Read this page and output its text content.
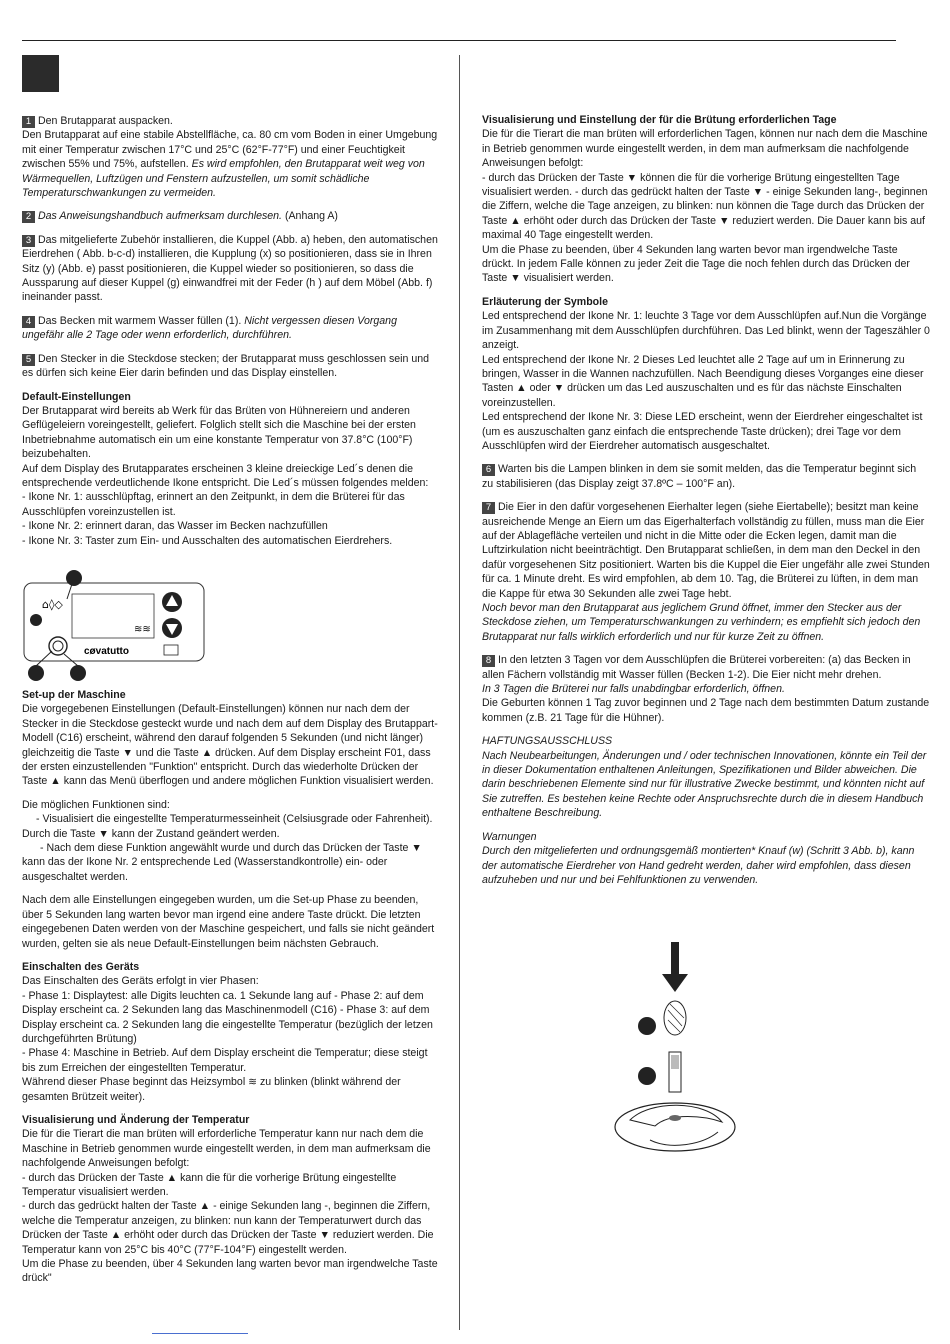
1 Den Brutapparat auspacken.
Den Brutapparat auf eine stabile Abstellfläche, ca. 80 cm vom Boden in einer Umgebung mit einer Temperatur zwischen 17°C und 25°C (62°F-77°F) und einer Feuchtigkeit zwischen 55% und 75%, aufstellen. Es wird empfohlen, den Brutapparat weit weg von Wärmequellen, Luftzügen und Fenstern aufzustellen, um somit schädliche Temperaturschwankungen zu vermeiden.

2 Das Anweisungshandbuch aufmerksam durchlesen. (Anhang A)

3 Das mitgelieferte Zubehör installieren, die Kuppel (Abb. a) heben, den automatischen Eierdrehen ( Abb. b-c-d) installieren, die Kupplung (x) so positionieren, dass sie in Ihren Sitz (y) (Abb. e) passt positionieren, die Kuppel wieder so positionieren, so dass die Aussparung auf dieser Kuppel (g) einwandfrei mit der Feder (h ) auf dem Möbel (Abb. f) ineinander passt.

4 Das Becken mit warmem Wasser füllen (1). Nicht vergessen diesen Vorgang ungefähr alle 2 Tage oder wenn erforderlich, durchführen.

5 Den Stecker in die Steckdose stecken; der Brutapparat muss geschlossen sein und es dürfen sich keine Eier darin befinden und das Display einstellen.

Default-Einstellungen
Der Brutapparat wird bereits ab Werk für das Brüten von Hühnereiern und anderen Geflügeleiern voreingestellt, geliefert. Folglich stellt sich die Maschine bei der ersten Inbetriebnahme automatisch ein um eine konstante Temperatur von 37.8°C (100°F) beizubehalten.
Auf dem Display des Brutapparates erscheinen 3 kleine dreieckige Led´s denen die entsprechende verdeutlichende Ikone entspricht. Die Led´s müssen folgendes melden:
- Ikone Nr. 1: ausschlüpftag, erinnert an den Zeitpunkt, in dem die Brüterei für das Ausschlüpfen voreinzustellen ist.
- Ikone Nr. 2: erinnert daran, das Wasser im Becken nachzufüllen
- Ikone Nr. 3: Taster zum Ein- und Ausschalten des automatischen Eierdrehers.

⌂◊◇
≋≋
cøvatutto

Set-up der Maschine
Die vorgegebenen Einstellungen (Default-Einstellungen) können nur nach dem der Stecker in die Steckdose gesteckt wurde und nach dem auf dem Display des Brutappart-Modell (C16) erscheint, während den darauf folgenden 5 Sekunden (und nicht länger) gleichzeitig die Taste ▼ und die Taste ▲ drücken. Auf dem Display erscheint F01, dass der ersten einzustellenden "Funktion" entspricht. Durch das wiederholte Drücken der Taste ▲ kann das Menü überflogen und andere möglichen Funktion visualisiert werden.

Die möglichen Funktionen sind:
- Visualisiert die eingestellte Temperaturmesseinheit (Celsiusgrade oder Fahrenheit). Durch die Taste ▼ kann der Zustand geändert werden.
- Nach dem diese Funktion angewählt wurde und durch das Drücken der Taste ▼ kann das der Ikone Nr. 2 entsprechende Led (Wasserstandkontrolle) ein- oder ausgeschaltet werden.

Nach dem alle Einstellungen eingegeben wurden, um die Set-up Phase zu beenden, über 5 Sekunden lang warten bevor man irgend eine andere Taste drückt. Die letzten eingegebenen Daten werden von der Maschine gespeichert, und falls sie nicht geändert wurden, gelten sie als neue Default-Einstellungen beim nächsten Gebrauch.

Einschalten des Geräts
Das Einschalten des Geräts erfolgt in vier Phasen:
- Phase 1: Displaytest: alle Digits leuchten ca. 1 Sekunde lang auf - Phase 2: auf dem Display erscheint ca. 2 Sekunden lang das Maschinenmodell (C16) - Phase 3: auf dem Display erscheint ca. 2 Sekunden lang die eingestellte Temperatur (bezüglich der letzen durchgeführten Brütung)
- Phase 4: Maschine in Betrieb. Auf dem Display erscheint die Temperatur; diese steigt bis zum Erreichen der eingestellten Temperatur.
Während dieser Phase beginnt das Heizsymbol ≋ zu blinken (blinkt während der gesamten Brützeit weiter).

Visualisierung und Änderung der Temperatur
Die für die Tierart die man brüten will erforderliche Temperatur kann nur nach dem die Maschine in Betrieb genommen wurde eingestellt werden, in dem man aufmerksam die nachfolgende Anweisungen befolgt:
- durch das Drücken der Taste ▲ kann die für die vorherige Brütung eingestellte Temperatur visualisiert werden.
- durch das gedrückt halten der Taste ▲ - einige Sekunden lang -, beginnen die Ziffern, welche die Temperatur anzeigen, zu blinken: nun kann der Temperaturwert durch das Drücken der Taste ▲ erhöht oder durch das Drücken der Taste ▼ reduziert werden. Die Temperatur kann von 25°C bis 40°C (77°F-104°F) eingestellt werden.
Um die Phase zu beenden, über 4 Sekunden lang warten bevor man irgendwelche Taste drück"

Visualisierung und Einstellung der für die Brütung erforderlichen Tage
Die für die Tierart die man brüten will erforderlichen Tagen, können nur nach dem die Maschine in Betrieb genommen wurde eingestellt werden, in dem man aufmerksam die nachfolgende Anweisungen befolgt:
- durch das Drücken der Taste ▼ können die für die vorherige Brütung eingestellten Tage visualisiert werden. - durch das gedrückt halten der Taste ▼ - einige Sekunden lang-, beginnen die Ziffern, welche die Tage anzeigen, zu blinken: nun können die Tage durch das Drücken der Taste ▲ erhöht oder durch das Drücken der Taste ▼ reduziert werden. Die Dauer kann bis auf maximal 40 Tage eingestellt werden.
Um die Phase zu beenden, über 4 Sekunden lang warten bevor man irgendwelche Taste drückt. In jedem Falle können zu jeder Zeit die Tage die noch fehlen durch das Drücken der Taste ▼ visualisiert werden.

Erläuterung der Symbole
Led entsprechend der Ikone Nr. 1: leuchte 3 Tage vor dem Ausschlüpfen auf.Nun die Vorgänge im Zusammenhang mit dem Ausschlüpfen durchführen. Das Led blinkt, wenn der Tageszähler 0 anzeigt.
Led entsprechend der Ikone Nr. 2 Dieses Led leuchtet alle 2 Tage auf um in Erinnerung zu bringen, Wasser in die Wannen nachzufüllen. Nach Beendigung dieses Vorganges eine dieser Tasten ▲ oder ▼ drücken um das Led auszuschalten und es für das nächste Einschalten voreinzustellen.
Led entsprechend der Ikone Nr. 3: Diese LED erscheint, wenn der Eierdreher eingeschaltet ist (um es auszuschalten ganz einfach die entsprechende Taste drücken); drei Tage vor dem Ausschlüpfen wird der Eierdreher automatisch ausgeschaltet.

6 Warten bis die Lampen blinken in dem sie somit melden, das die Temperatur beginnt sich zu stabilisieren (das Display zeigt 37.8ºC – 100°F an).

7 Die Eier in den dafür vorgesehenen Eierhalter legen (siehe Eiertabelle); besitzt man keine ausreichende Menge an Eiern um das Eigerhalterfach vollständig zu füllen, muss man die Eier auf der Ablagefläche verteilen und nicht in die Mitte oder die Ecken legen, damit man die Luftzirkulation nicht beeinträchtigt. Den Brutapparat schließen, in dem man den Deckel in den dafür vorgesehenen Sitz positioniert. Warten bis die Kuppel die Eier ungefähr alle zwei Stunden für ca. 1 Minute dreht. Es wird empfohlen, ab dem 10. Tag, die Brüterei zu lüften, in dem man die Kappe für etwa 30 Sekunden alle zwei Tage hebt.
Noch bevor man den Brutapparat aus jeglichem Grund öffnet, immer den Stecker aus der Steckdose ziehen, um Temperaturschwankungen zu verhindern; es empfiehlt sich jedoch den Brutapparat nur falls wirklich erforderlich und nur für kurze Zeit zu öffnen.

8 In den letzten 3 Tagen vor dem Ausschlüpfen die Brüterei vorbereiten: (a) das Becken in allen Fächern vollständig mit Wasser füllen (Becken 1-2). Die Eier nicht mehr drehen.
In 3 Tagen die Brüterei nur falls unabdingbar erforderlich, öffnen.
Die Geburten können 1 Tag zuvor beginnen und 2 Tage nach dem bestimmten Datum zustande kommen (z.B. 21 Tage für die Hühner).

HAFTUNGSAUSSCHLUSS
Nach Neubearbeitungen, Änderungen und / oder technischen Innovationen, könnte ein Teil der in dieser Dokumentation enthaltenen Anleitungen, Spezifikationen und Bilder abweichen. Die darin beschriebenen Elemente sind nur für illustrative Zwecke bestimmt, und könnten nicht auf Sie zutreffen. Es bestehen keine Rechte oder Anspruchsrechte durch die in diesem Handbuch enthaltene Beschreibung.

Warnungen
Durch den mitgelieferten und ordnungsgemäß montierten* Knauf (w) (Schritt 3 Abb. b), kann der automatische Eierdreher von Hand gedreht werden, daher wird empfohlen, dass diesen aufzuheben und nur und bei Fehlfunktionen zu verwenden.
